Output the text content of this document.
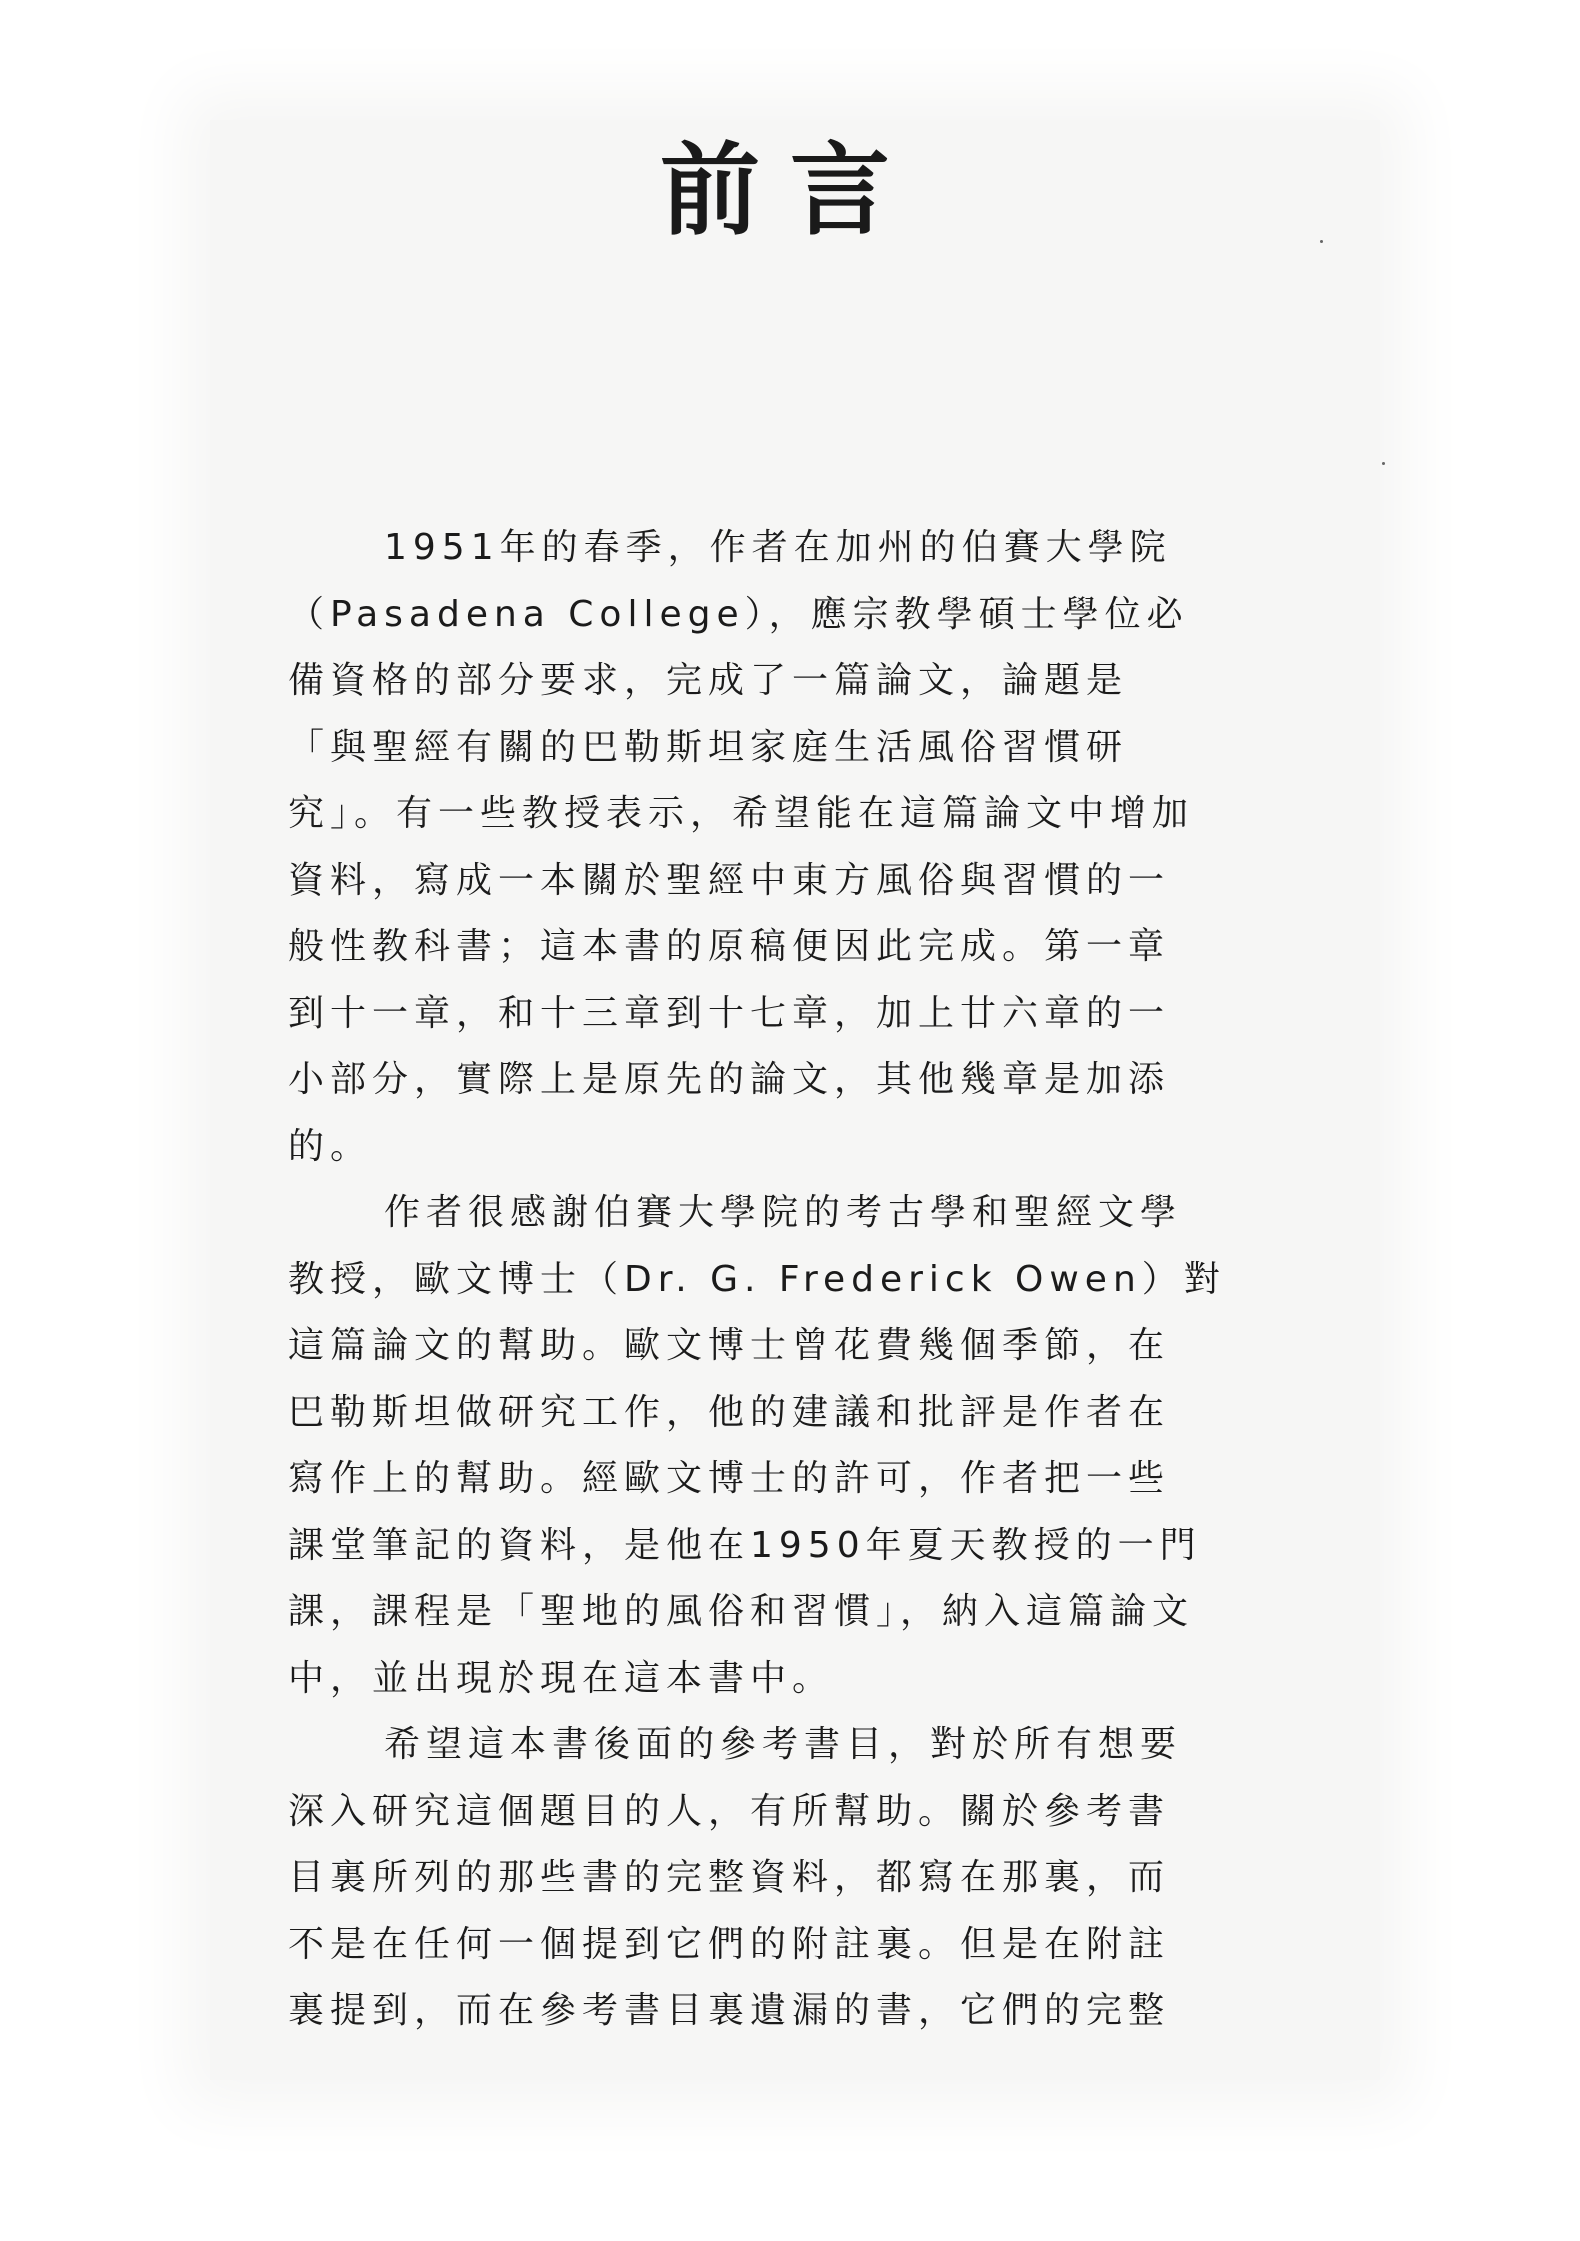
前言
1951年的春季，作者在加州的伯賽大學院
（Pasadena College），應宗教學碩士學位必
備資格的部分要求，完成了一篇論文，論題是
「與聖經有關的巴勒斯坦家庭生活風俗習慣研
究」。有一些教授表示，希望能在這篇論文中增加
資料，寫成一本關於聖經中東方風俗與習慣的一
般性教科書；這本書的原稿便因此完成。第一章
到十一章，和十三章到十七章，加上廿六章的一
小部分，實際上是原先的論文，其他幾章是加添
的。
作者很感謝伯賽大學院的考古學和聖經文學
教授，歐文博士（Dr. G. Frederick Owen）對
這篇論文的幫助。歐文博士曾花費幾個季節，在
巴勒斯坦做研究工作，他的建議和批評是作者在
寫作上的幫助。經歐文博士的許可，作者把一些
課堂筆記的資料，是他在1950年夏天教授的一門
課，課程是「聖地的風俗和習慣」，納入這篇論文
中，並出現於現在這本書中。
希望這本書後面的參考書目，對於所有想要
深入研究這個題目的人，有所幫助。關於參考書
目裏所列的那些書的完整資料，都寫在那裏，而
不是在任何一個提到它們的附註裏。但是在附註
裏提到，而在參考書目裏遺漏的書，它們的完整
